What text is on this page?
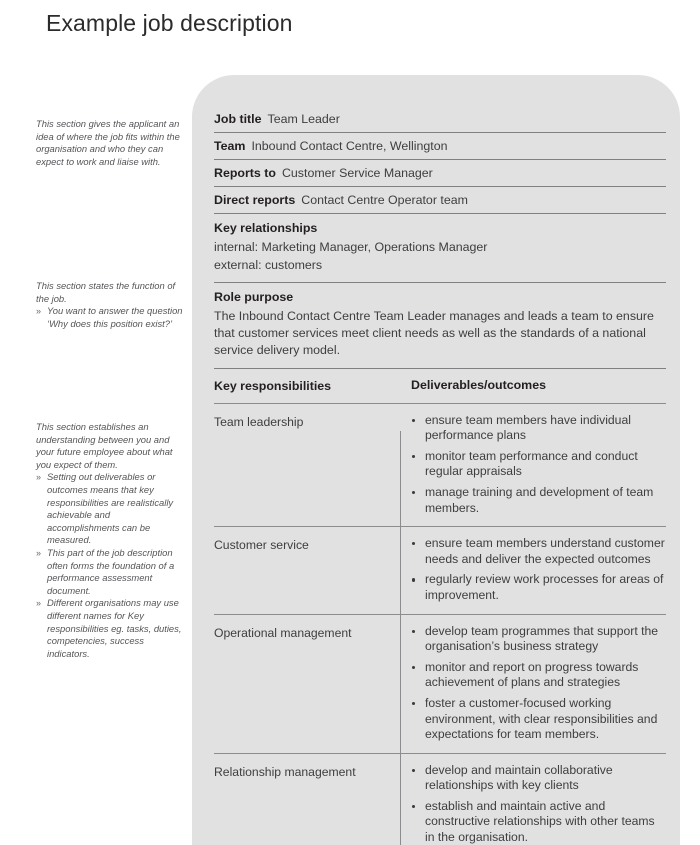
Example job description

This section gives the applicant an idea of where the job fits within the organisation and who they can expect to work and liaise with.

This section states the function of the job.

» You want to answer the question ‘Why does this position exist?’

This section establishes an understanding between you and your future employee about what you expect of them.

» Setting out deliverables or outcomes means that key responsibilities are realistically achievable and accomplishments can be measured.
» This part of the job description often forms the foundation of a performance assessment document.
» Different organisations may use different names for Key responsibilities eg. tasks, duties, competencies, success indicators.
Job title Team Leader
Team Inbound Contact Centre, Wellington
Reports to Customer Service Manager
Direct reports Contact Centre Operator team
Key relationships
internal: Marketing Manager, Operations Manager
external: customers
Role purpose
The Inbound Contact Centre Team Leader manages and leads a team to ensure that customer services meet client needs as well as the standards of a national service delivery model.
Key responsibilities	Deliverables/outcomes
Team leadership	ensure team members have individual performance plans
monitor team performance and conduct regular appraisals
manage training and development of team members.
Customer service	ensure team members understand customer needs and deliver the expected outcomes
regularly review work processes for areas of improvement.
Operational management	develop team programmes that support the organisation’s business strategy
monitor and report on progress towards achievement of plans and strategies
foster a customer-focused working environment, with clear responsibilities and expectations for team members.
Relationship management	develop and maintain collaborative relationships with key clients
establish and maintain active and constructive relationships with other teams in the organisation.
